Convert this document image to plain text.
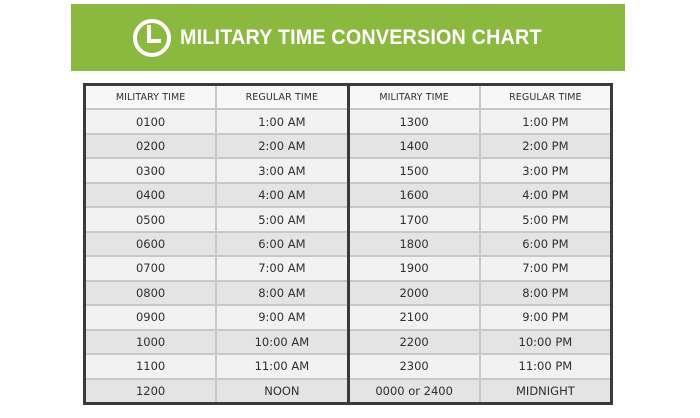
MILITARY TIME CONVERSION CHART
MILITARY TIME	REGULAR TIME
0100	1:00 AM
0200	2:00 AM
0300	3:00 AM
0400	4:00 AM
0500	5:00 AM
0600	6:00 AM
0700	7:00 AM
0800	8:00 AM
0900	9:00 AM
1000	10:00 AM
1100	11:00 AM
1200	NOON
MILITARY TIME	REGULAR TIME
1300	1:00 PM
1400	2:00 PM
1500	3:00 PM
1600	4:00 PM
1700	5:00 PM
1800	6:00 PM
1900	7:00 PM
2000	8:00 PM
2100	9:00 PM
2200	10:00 PM
2300	11:00 PM
0000 or 2400	MIDNIGHT
